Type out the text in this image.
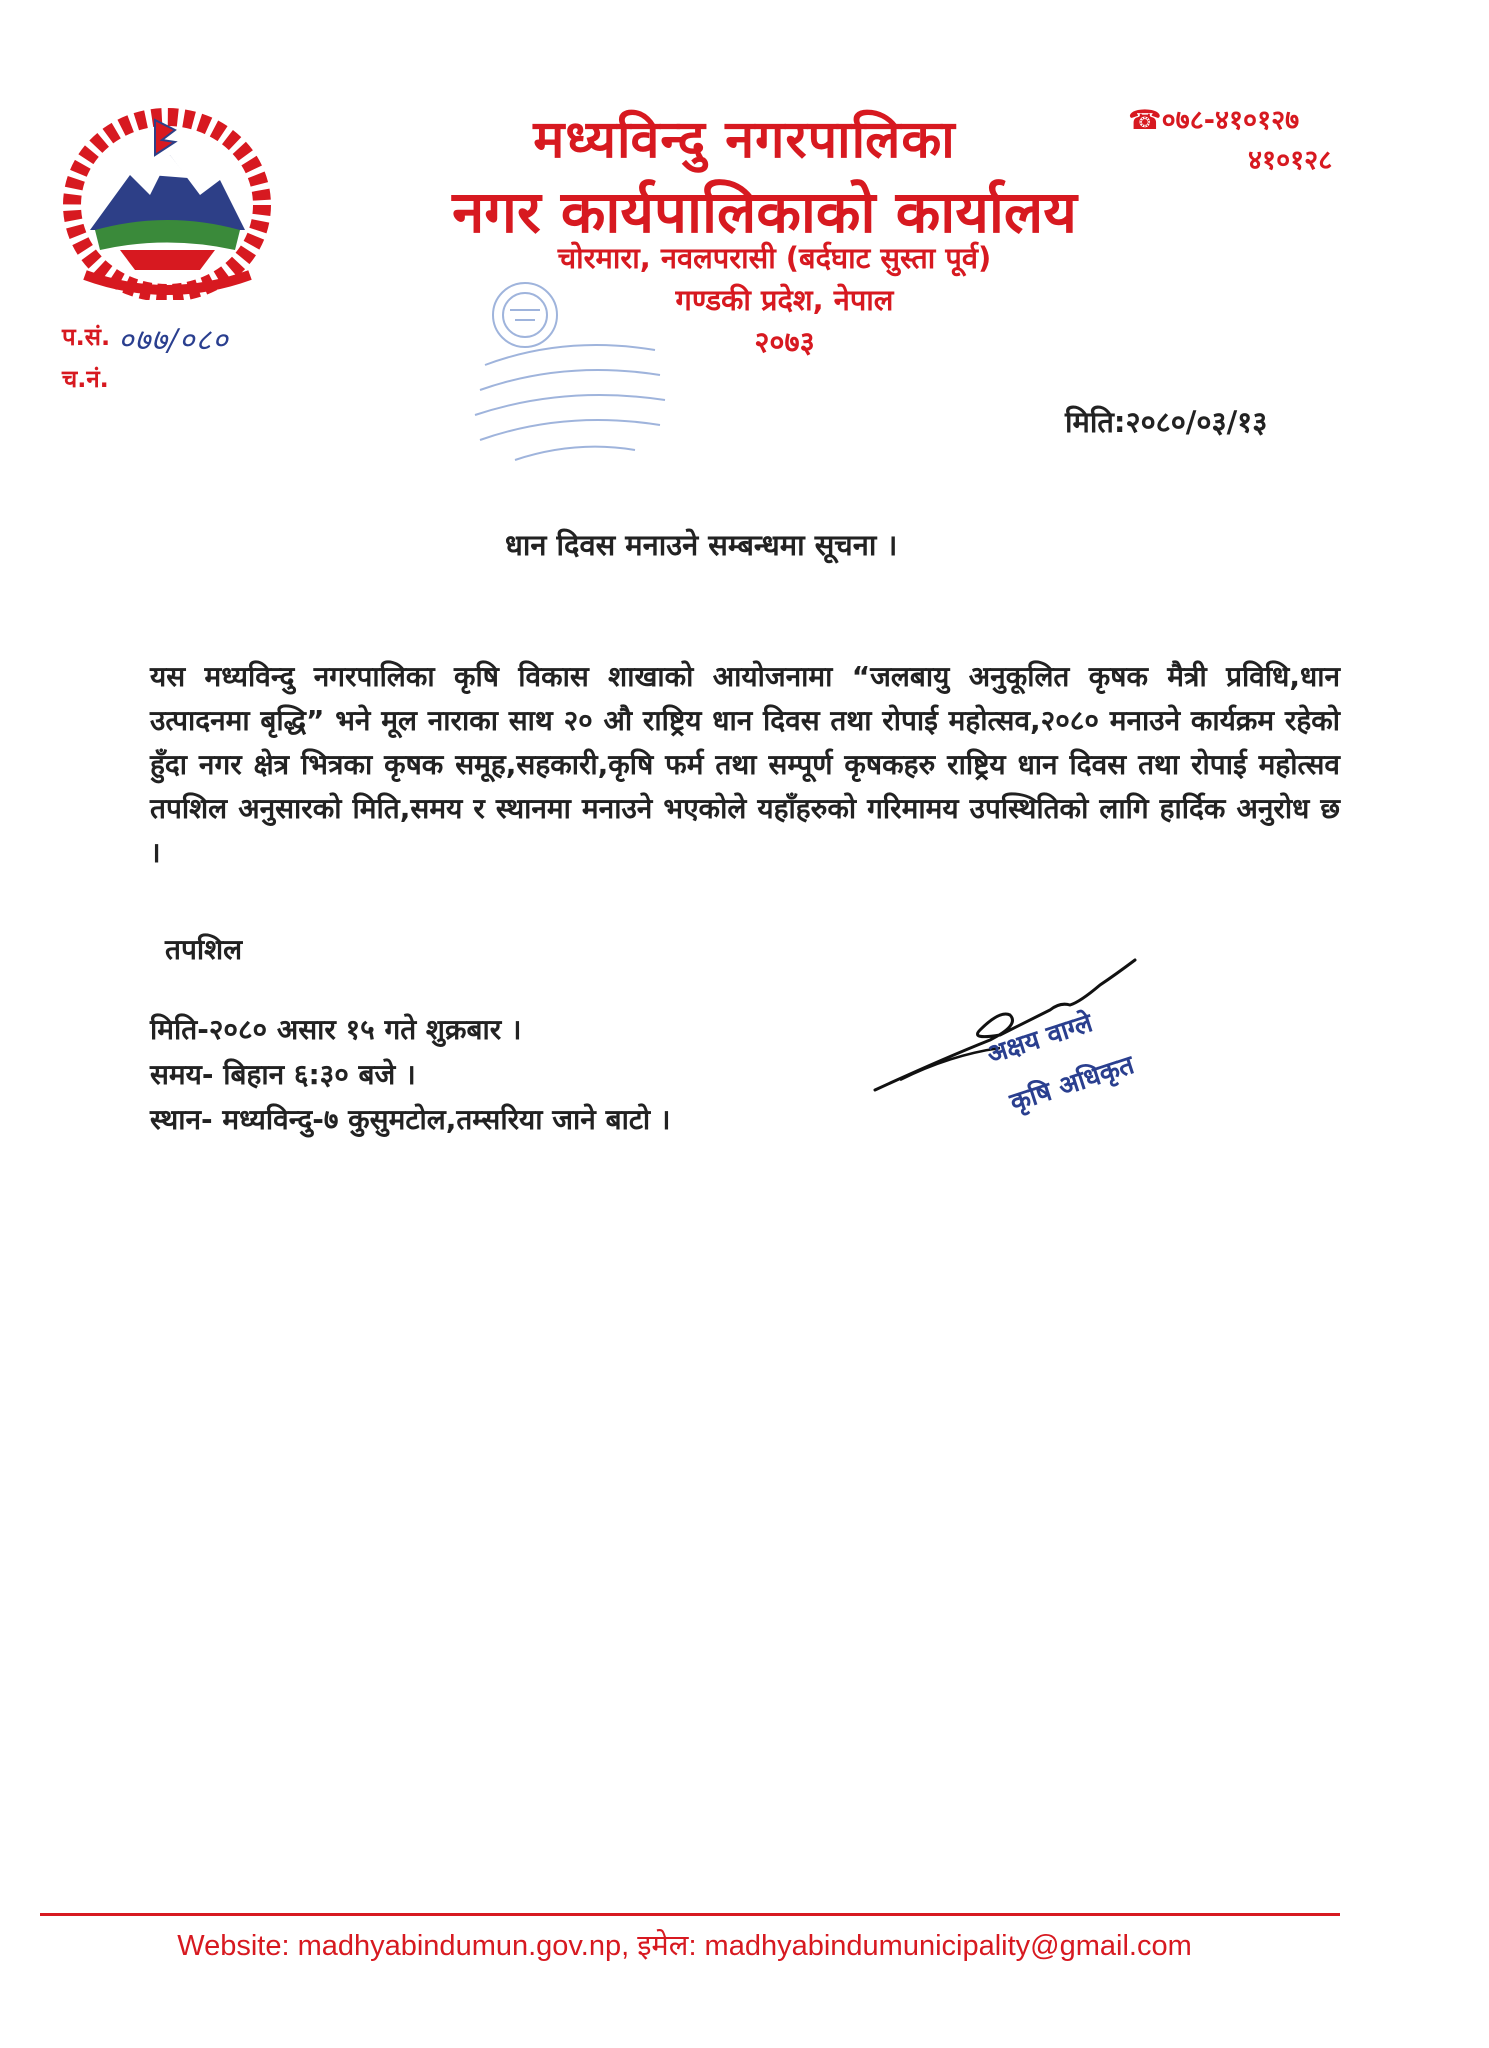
मध्यविन्दु नगरपालिका
नगर कार्यपालिकाको कार्यालय
चोरमारा, नवलपरासी (बर्दघाट सुस्ता पूर्व)
गण्डकी प्रदेश, नेपाल
२०७३
☎०७८-४१०१२७
४१०१२८
प.सं. ०७७/०८०
च.नं.
मिति:२०८०/०३/१३
धान दिवस मनाउने सम्बन्धमा सूचना ।

यस मध्यविन्दु नगरपालिका कृषि विकास शाखाको आयोजनामा “जलबायु अनुकूलित कृषक मैत्री प्रविधि,धान उत्पादनमा बृद्धि” भने मूल नाराका साथ २० औ राष्ट्रिय धान दिवस तथा रोपाई महोत्सव,२०८० मनाउने कार्यक्रम रहेको हुँदा नगर क्षेत्र भित्रका कृषक समूह,सहकारी,कृषि फर्म तथा सम्पूर्ण कृषकहरु राष्ट्रिय धान दिवस तथा रोपाई महोत्सव तपशिल अनुसारको मिति,समय र स्थानमा मनाउने भएकोले यहाँहरुको गरिमामय उपस्थितिको लागि हार्दिक अनुरोध छ ।

तपशिल
मिति-२०८० असार १५ गते शुक्रबार ।
समय- बिहान ६:३० बजे ।
स्थान- मध्यविन्दु-७ कुसुमटोल,तम्सरिया जाने बाटो ।
अक्षय वाग्ले
कृषि अधिकृत
Website: madhyabindumun.gov.np, इमेल: madhyabindumunicipality@gmail.com
